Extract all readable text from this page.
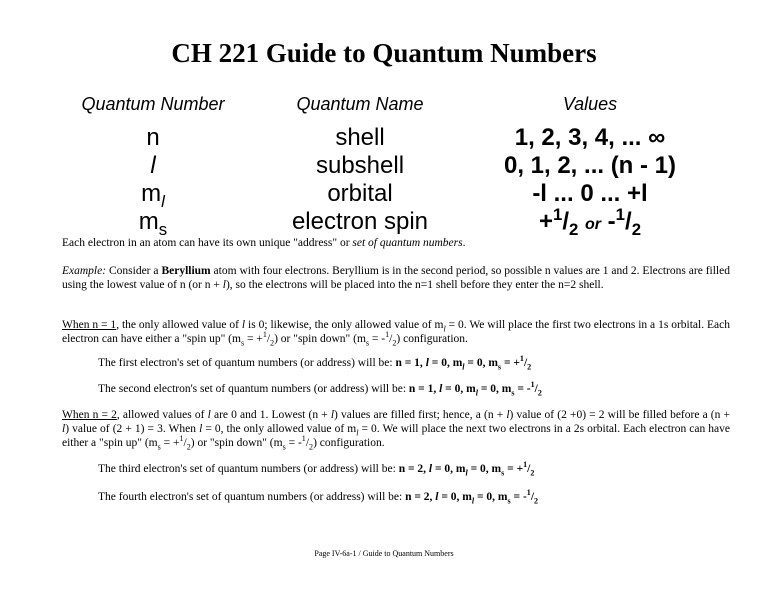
CH 221 Guide to Quantum Numbers
Quantum Number
n
l
$m_l$
$m_s$
Quantum Name
shell
subshell
orbital
electron spin
Values
1, 2, 3, 4, ... ∞
0, 1, 2, ... (n - 1)
-l ... 0 ... +l
$+^1/_2$ or $-^1/_2$
Each electron in an atom can have its own unique "address" or set of quantum numbers.
Example: Consider a Beryllium atom with four electrons. Beryllium is in the second period, so possible n values are 1 and 2. Electrons are filled using the lowest value of n (or n + l), so the electrons will be placed into the n=1 shell before they enter the n=2 shell.
When n = 1, the only allowed value of l is 0; likewise, the only allowed value of $m_l = 0$. We will place the first two electrons in a 1s orbital. Each electron can have either a "spin up" $(m_s = +^1/_2)$ or "spin down" $(m_s = -^1/_2)$ configuration.
The first electron's set of quantum numbers (or address) will be: n = 1, l = 0, $m_l = 0$, $m_s = +^1/_2$
The second electron's set of quantum numbers (or address) will be: n = 1, l = 0, $m_l = 0$, $m_s = -^1/_2$
When n = 2, allowed values of l are 0 and 1. Lowest (n + l) values are filled first; hence, a (n + l) value of (2 +0) = 2 will be filled before a (n + l) value of (2 + 1) = 3. When l = 0, the only allowed value of $m_l = 0$. We will place the next two electrons in a 2s orbital. Each electron can have either a "spin up" $(m_s = +^1/_2)$ or "spin down" $(m_s = -^1/_2)$ configuration.
The third electron's set of quantum numbers (or address) will be: n = 2, l = 0, $m_l = 0$, $m_s = +^1/_2$
The fourth electron's set of quantum numbers (or address) will be: n = 2, l = 0, $m_l = 0$, $m_s = -^1/_2$
Page IV-6a-1 / Guide to Quantum Numbers
